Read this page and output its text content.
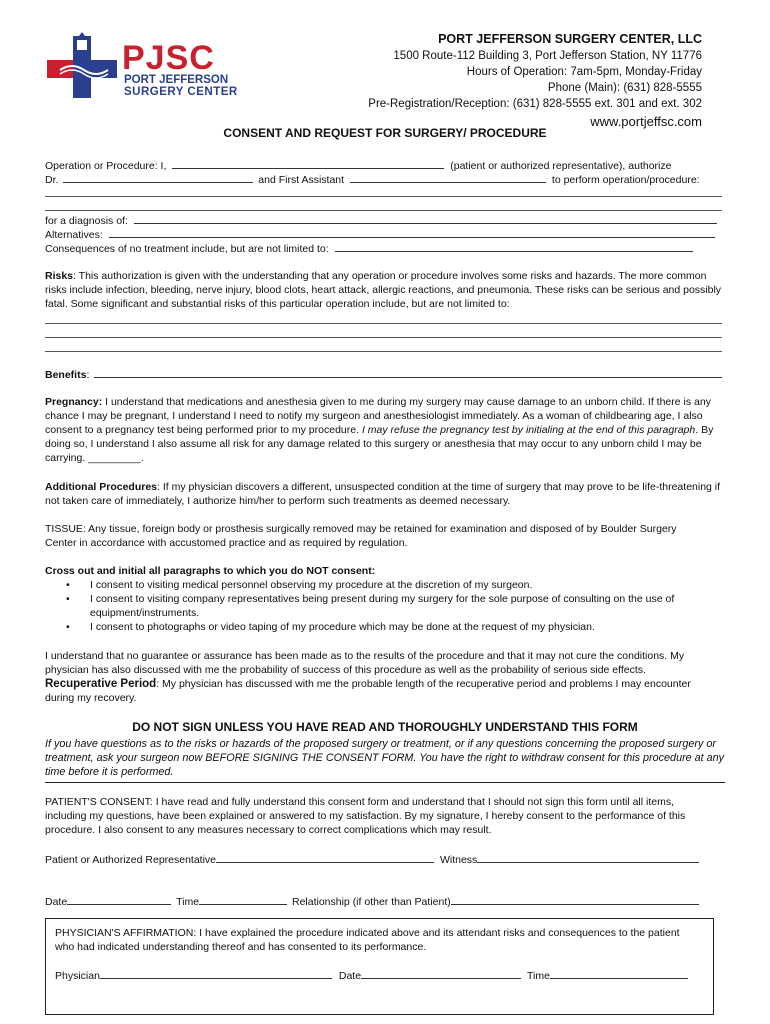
PJSC
PORT JEFFERSON
SURGERY CENTER
PORT JEFFERSON SURGERY CENTER, LLC
1500 Route-112 Building 3, Port Jefferson Station, NY 11776
Hours of Operation: 7am-5pm, Monday-Friday
Phone (Main): (631) 828-5555
Pre-Registration/Reception: (631) 828-5555 ext. 301 and ext. 302
www.portjeffsc.com
CONSENT AND REQUEST FOR SURGERY/ PROCEDURE
Operation or Procedure: I,	(patient or authorized representative), authorize
Dr.	and First Assistant	to perform operation/procedure:
for a diagnosis of:
Alternatives:
Consequences of no treatment include, but are not limited to:
Risks: This authorization is given with the understanding that any operation or procedure involves some risks and hazards. The more common risks include infection, bleeding, nerve injury, blood clots, heart attack, allergic reactions, and pneumonia. These risks can be serious and possibly fatal. Some significant and substantial risks of this particular operation include, but are not limited to:
Benefits:
Pregnancy: I understand that medications and anesthesia given to me during my surgery may cause damage to an unborn child. If there is any chance I may be pregnant, I understand I need to notify my surgeon and anesthesiologist immediately. As a woman of childbearing age, I also consent to a pregnancy test being performed prior to my procedure. I may refuse the pregnancy test by initialing at the end of this paragraph. By doing so, I understand I also assume all risk for any damage related to this surgery or anesthesia that may occur to any unborn child I may be carrying. _________.
Additional Procedures: If my physician discovers a different, unsuspected condition at the time of surgery that may prove to be life-threatening if not taken care of immediately, I authorize him/her to perform such treatments as deemed necessary.
TISSUE: Any tissue, foreign body or prosthesis surgically removed may be retained for examination and disposed of by Boulder Surgery Center in accordance with accustomed practice and as required by regulation.
Cross out and initial all paragraphs to which you do NOT consent:
• I consent to visiting medical personnel observing my procedure at the discretion of my surgeon.
• I consent to visiting company representatives being present during my surgery for the sole purpose of consulting on the use of equipment/instruments.
• I consent to photographs or video taping of my procedure which may be done at the request of my physician.
I understand that no guarantee or assurance has been made as to the results of the procedure and that it may not cure the conditions. My physician has also discussed with me the probability of success of this procedure as well as the probability of serious side effects.
Recuperative Period: My physician has discussed with me the probable length of the recuperative period and problems I may encounter during my recovery.
DO NOT SIGN UNLESS YOU HAVE READ AND THOROUGHLY UNDERSTAND THIS FORM
If you have questions as to the risks or hazards of the proposed surgery or treatment, or if any questions concerning the proposed surgery or treatment, ask your surgeon now BEFORE SIGNING THE CONSENT FORM. You have the right to withdraw consent for this procedure at any time before it is performed.
PATIENT'S CONSENT: I have read and fully understand this consent form and understand that I should not sign this form until all items, including my questions, have been explained or answered to my satisfaction. By my signature, I hereby consent to the performance of this procedure. I also consent to any measures necessary to correct complications which may result.
Patient or Authorized Representative	Witness
Date	Time	Relationship (if other than Patient)
PHYSICIAN'S AFFIRMATION: I have explained the procedure indicated above and its attendant risks and consequences to the patient who had indicated understanding thereof and has consented to its performance.
Physician	Date	Time
